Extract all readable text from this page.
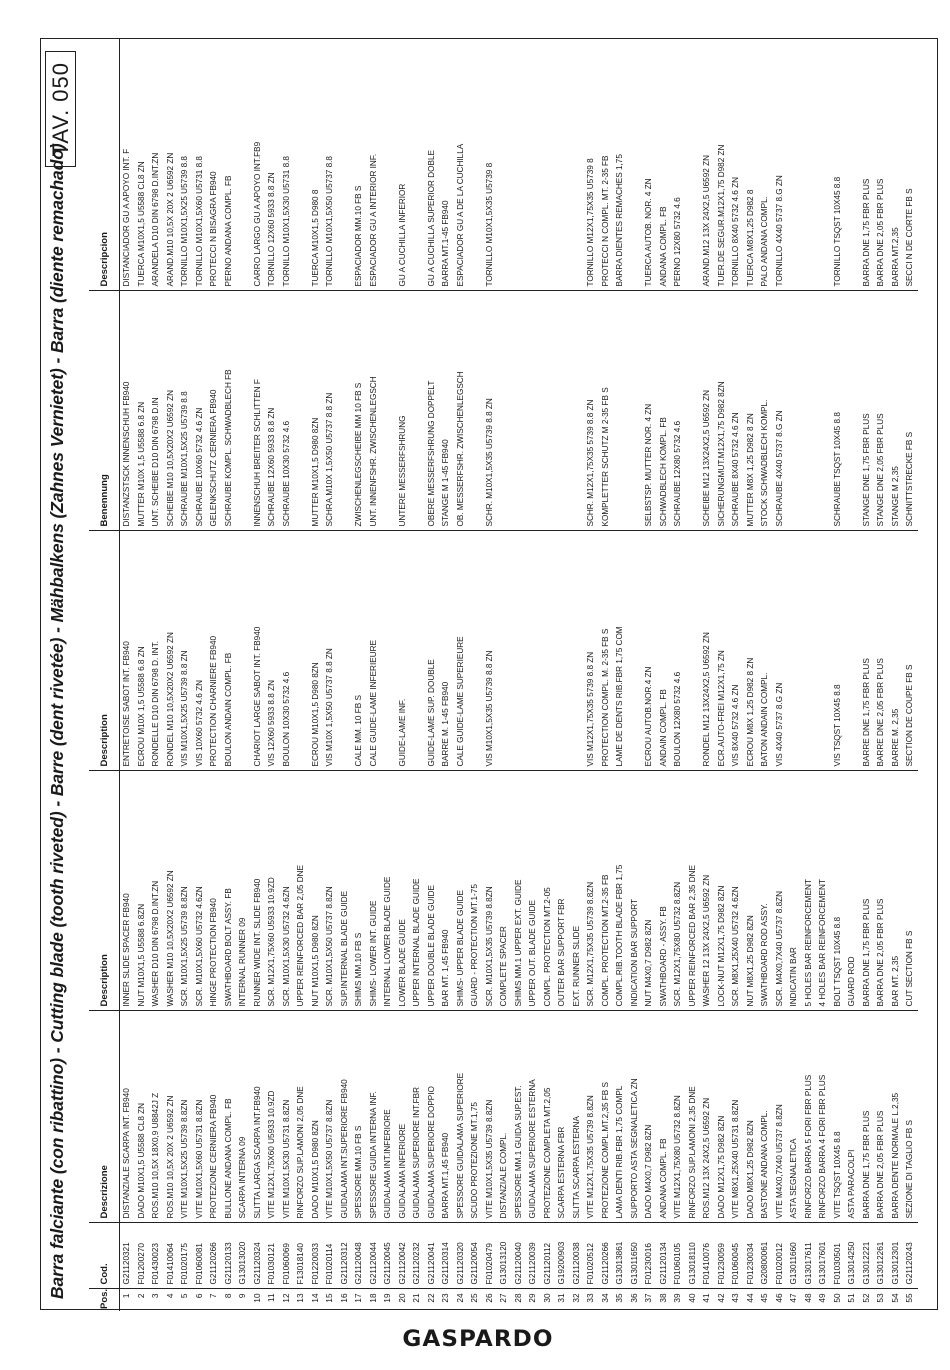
Barra falciante (con ribattino) - Cutting blade (tooth riveted) - Barre (dent rivetée) - Mähbalkens (Zahnes Vernietet) - Barra (diente remachado)
TAV. 050
Pos.	Cod.	Descrizione	Description	Description	Benennung	Descripcion
1	G21120321	DISTANZIALE SCARPA INT. FB940	INNER SLIDE SPACER FB940	ENTRETOISE SABOT INT. FB940	DISTANZSTSCK INNENSCHUH FB940	DISTANCIADOR GU A APOYO INT. F
2	F01200270	DADO M10X1,5 U5588 CL8 ZN	NUT M10X1,5 U5588 6.8ZN	ECROU M10X 1,5 U5588 6.8 ZN	MUTTER M10X 1,5 U5588 6.8 ZN	TUERCA M10X1,5 U5588 CL8 ZN
3	F01430023	ROS.M10 10,5X 18X0,9 U8842J Z	WASHER D10 DIN 6798 D.INT.ZN	RONDELLE D10 DIN 6798 D. INT.	UNT. SCHEIBE D10 DIN 6798 D.IN	ARANDELA D10 DIN 6798 D.INT.ZN
4	F01410064	ROS.M10 10,5X 20X 2 U6592 ZN	WASHER M10 10,5X20X2 U6592 ZN	RONDEL M10 10,5X20X2 U6592 ZN	SCHEIBE M10 10,5X20X2 U6592 ZN	ARAND.M10 10,5X 20X 2 U6592 ZN
5	F01020175	VITE M10X1,5X25 U5739 8.8ZN	SCR. M10X1,5X25 U5739 8.8ZN	VIS M10X1,5X25 U5739 8.8 ZN	SCHRAUBE M10X1,5X25 U5739 8.8	TORNILLO M10X1,5X25 U5739 8.8
6	F01060081	VITE M10X1,5X60 U5731 8.8ZN	SCR. M10X1,5X60 U5732 4.6ZN	VIS 10X60 5732 4.6 ZN	SCHRAUBE 10X60 5732 4.6 ZN	TORNILLO M10X1,5X60 U5731 8.8
7	G21120266	PROTEZIONE CERNIERA FB940	HINGE PROTECTION FB940	PROTECTION CHARNIERE FB940	GELENKSCHUTZ CERNIERA FB940	PROTECCI N BISAGRA FB940
8	G21120133	BULLONE ANDANA COMPL. FB	SWATHBOARD BOLT ASSY. FB	BOULON ANDAIN COMPL. FB	SCHRAUBE KOMPL. SCHWADBLECH FB	PERNO ANDANA COMPL. FB
9	G13013020	SCARPA INTERNA 09	INTERNAL RUNNER 09			
10	G21120324	SLITTA LARGA SCARPA INT.FB940	RUNNER WIDE INT. SLIDE FB940	CHARIOT LARGE SABOT INT. FB940	INNENSCHUH BREITER SCHLITTEN F	CARRO LARGO GU A APOYO INT.FB9
11	F01030121	VITE M12X1,75X60 U5933 10.9ZD	SCR. M12X1,75X60 U5933 10.9ZD	VIS 12X60 5933 8.8 ZN	SCHRAUBE 12X60 5933 8.8 ZN	TORNILLO 12X60 5933 8.8 ZN
12	F01060069	VITE M10X1,5X30 U5731 8.8ZN	SCR. M10X1,5X30 U5732 4.6ZN	BOULON 10X30 5732 4.6	SCHRAUBE 10X30 5732 4.6	TORNILLO M10X1,5X30 U5731 8.8
13	F13018140	RINFORZO SUP.LAMONI 2,05 DNE	UPPER REINFORCED BAR 2,05 DNE			
14	F01220033	DADO M10X1,5 D980 8ZN	NUT M10X1,5 D980 8ZN	ECROU M10X1,5 D980 8ZN	MUTTER M10X1,5 D980 8ZN	TUERCA M10X1,5 D980 8
15	F01020114	VITE M10X1,5X50 U5737 8.8ZN	SCR. M10X1,5X50 U5737 8.8ZN	VIS M10X 1,5X50 U5737 8.8 ZN	SCHRA.M10X 1,5X50 U5737 8.8 ZN	TORNILLO M10X1,5X50 U5737 8.8
16	G21120312	GUIDALAMA INT.SUPERIORE FB940	SUP.INTERNAL BLADE GUIDE			
17	G21120048	SPESSORE MM.10 FB S	SHIMS MM.10 FB S	CALE MM. 10 FB S	ZWISCHENLEGSCHEIBE MM 10 FB S	ESPACIADOR MM.10 FB S
18	G21120044	SPESSORE GUIDA INTERNA INF.	SHIMS- LOWER INT. GUIDE	CALE GUIDE-LAME INFERIEURE	UNT. INNENFSHR. ZWISCHENLEGSCH	ESPACIADOR GU A INTERIOR INF.
19	G21120045	GUIDALAMA INT.INFERIORE	INTERNAL LOWER BLADE GUIDE			
20	G21120042	GUIDALAMA INFERIORE	LOWER BLADE GUIDE	GUIDE-LAME INF.	UNTERE MESSERFSHRUNG	GU A CUCHILLA INFERIOR
21	G21120232	GUIDALAMA SUPERIORE INT.FBR	UPPER INTERNAL BLADE GUIDE			
22	G21120041	GUIDALAMA SUPERIORE DOPPIO	UPPER DOUBLE BLADE GUIDE	GUIDE-LAME SUP. DOUBLE	OBERE MESSERFSHRUNG DOPPELT	GU A CUCHILLA SUPERIOR DOBLE
23	G21120314	BARRA MT.1,45 FB940	BAR MT. 1,45 FB940	BARRE M. 1-45 FB940	STANGE M 1-45 FB940	BARRA MT.1-45 FB940
24	G21120320	SPESSORE GUIDALAMA SUPERIORE	SHIMS- UPPER BLADE GUIDE	CALE GUIDE-LAME SUPERIEURE	OB. MESSERFSHR. ZWISCHENLEGSCH	ESPACIADOR GU A DE LA CUCHILLA
25	G21120054	SCUDO PROTEZIONE MT.1,75	GUARD - PROTECTION MT.1-75			
26	F01020479	VITE M10X1,5X35 U5739 8.8ZN	SCR. M10X1,5X35 U5739 8.8ZN	VIS M10X1,5X35 U5739 8.8 ZN	SCHR. M10X1,5X35 U5739 8.8 ZN	TORNILLO M10X1,5X35 U5739 8
27	G13013120	DISTANZIALE COMPL.	COMPLETE SPACER			
28	G21120040	SPESSORE MM.1 GUIDA SUP.EST.	SHIMS MM.1 UPPER EXT. GUIDE			
29	G21120039	GUIDALAMA SUPERIORE ESTERNA	UPPER OUT. BLADE GUIDE			
30	G21120112	PROTEZIONE COMPLETA MT.2,05	COMPL. PROTECTION MT.2-05			
31	G19200903	SCARPA ESTERNA FBR	OUTER BAR SUPPORT FBR			
32	G21120038	SLITTA SCARPA ESTERNA	EXT. RUNNER SLIDE			
33	F01020512	VITE M12X1,75X35 U5739 8.8ZN	SCR. M12X1,75X35 U5739 8.8ZN	VIS M12X1,75X35 5739 8.8 ZN	SCHR. M12X1,75X35 5739 8.8 ZN	TORNILLO M12X1,75X35 U5739 8
34	G21120266	PROTEZIONE COMPL.MT.2,35 FB S	COMPL. PROTECTION MT.2-35 FB	PROTECTION COMPL. M. 2-35 FB S	KOMPLETTER SCHUTZ M 2-35 FB S	PROTECCI N COMPL. MT. 2-35 FB
35	G13013861	LAMA DENTI RIB.FBR 1,75 COMPL	COMPL.RIB.TOOTH BLADE FBR 1,75	LAME DE DENTS RIB.FBR 1,75 COM		BARRA DIENTES REMACHES 1,75
36	G13011650	SUPPORTO ASTA SEGNALETICA ZN	INDICATION BAR SUPPORT			
37	F01230016	DADO M4X0,7 D982 8ZN	NUT M4X0,7 D982 8ZN	ECROU AUTOB.NOR.4 ZN	SELBSTSP. MUTTER NOR. 4 ZN	TUERCA AUTOB. NOR. 4 ZN
38	G21120134	ANDANA COMPL. FB	SWATHBOARD - ASSY. FB	ANDAIN COMPL. FB	SCHWADBLECH KOMPL. FB	ANDANA COMPL. FB
39	F01060105	VITE M12X1,75X80 U5732 8.8ZN	SCR. M12X1,75X80 U5732 8.8ZN	BOULON 12X80 5732 4.6	SCHRAUBE 12X80 5732 4.6	PERNO 12X80 5732 4.6
40	G13018110	RINFORZO SUP.LAMONI 2,35 DNE	UPPER REINFORCED BAR 2,35 DNE			
41	F01410076	ROS.M12 13X 24X2,5 U6592 ZN	WASHER 12 13X 24X2,5 U6592 ZN	RONDEL M12 13X24X2,5 U6592 ZN	SCHEIBE M12 13X24X2,5 U6592 ZN	ARAND.M12 13X 24X2,5 U6592 ZN
42	F01230059	DADO M12X1,75 D982 8ZN	LOCK-NUT M12X1,75 D982 8ZN	ECR.AUTO-FREI M12X1,75 ZN	SICHERUNGMUT.M12X1,75 D982 8ZN	TUER.DE SEGUR.M12X1,75 D982 ZN
43	F01060045	VITE M8X1,25X40 U5731 8.8ZN	SCR. M8X1,25X40 U5732 4.6ZN	VIS 8X40 5732 4.6 ZN	SCHRAUBE 8X40 5732 4.6 ZN	TORNILLO 8X40 5732 4.6 ZN
44	F01230034	DADO M8X1,25 D982 8ZN	NUT M8X1,25 D982 8ZN	ECROU M8X 1,25 D982 8 ZN	MUTTER M8X 1,25 D982 8 ZN	TUERCA M8X1,25 D982 8
45	G20800061	BASTONE ANDANA COMPL.	SWATHBOARD ROD ASSY.	BATON ANDAIN COMPL.	STOCK SCHWADBLECH KOMPL.	PALO ANDANA COMPL.
46	F01020012	VITE M4X0,7X40 U5737 8.8ZN	SCR. M4X0,7X40 U5737 8.8ZN	VIS 4X40 5737 8.G ZN	SCHRAUBE 4X40 5737 8.G ZN	TORNILLO 4X40 5737 8.G ZN
47	G13011660	ASTA SEGNALETICA	INDICATIN BAR			
48	G13017611	RINFORZO BARRA 5 FORI FBR PLUS	5 HOLES BAR REINFORCEMENT			
49	G13017601	RINFORZO BARRA 4 FORI FBR PLUS	4 HOLES BAR REINFORCEMENT			
50	F01030501	VITE TSQST 10X45 8.8	BOLT TSQST 10X45 8.8	VIS TSQST 10X45 8.8	SCHRAUBE TSQST 10X45 8.8	TORNILLO TSQST 10X45 8.8
51	G13014250	ASTA PARACOLPI	GUARD ROD			
52	G13012221	BARRA DNE 1,75 FBR PLUS	BARRA DNE 1,75 FBR PLUS	BARRE DNE 1,75 FBR PLUS	STANGE DNE 1,75 FBR PLUS	BARRA DNE 1,75 FBR PLUS
53	G13012261	BARRA DNE 2,05 FBR PLUS	BARRA DNE 2,05 FBR PLUS	BARRE DNE 2,05 FBR PLUS	STANGE DNE 2,05 FBR PLUS	BARRA DNE 2,05 FBR PLUS
54	G13012301	BARRA DENTE NORMALE L.2,35	BAR MT. 2,35	BARRE M. 2,35	STANGE M 2,35	BARRA MT.2,35
55	G21120243	SEZIONE DI TAGLIO FB S	CUT SECTION FB S	SECTION DE COUPE FB S	SCHNITTSTRECKE FB S	SECCI N DE CORTE FB S
GASPARDO
